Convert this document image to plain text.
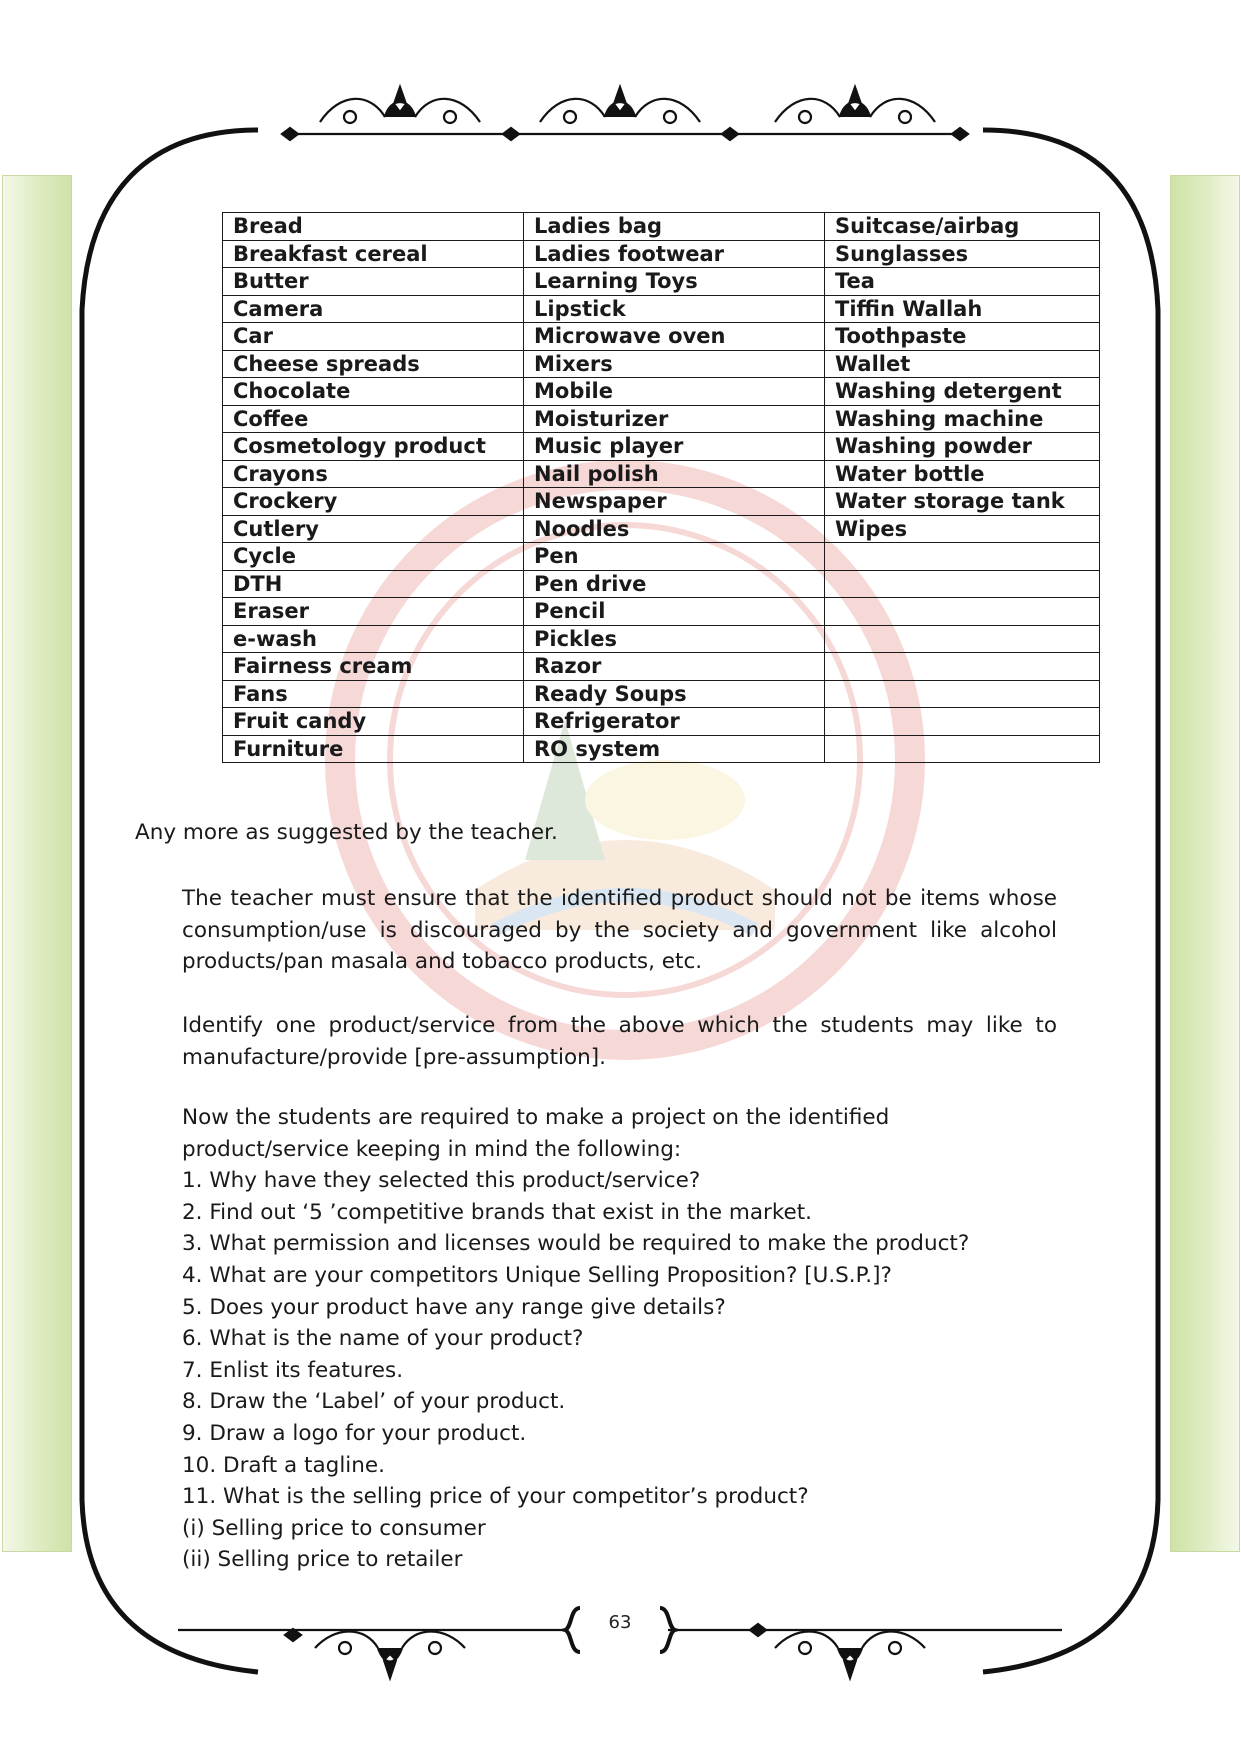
Bread	Ladies bag	Suitcase/airbag
Breakfast cereal	Ladies footwear	Sunglasses
Butter	Learning Toys	Tea
Camera	Lipstick	Tiffin Wallah
Car	Microwave oven	Toothpaste
Cheese spreads	Mixers	Wallet
Chocolate	Mobile	Washing detergent
Coffee	Moisturizer	Washing machine
Cosmetology product	Music player	Washing powder
Crayons	Nail polish	Water bottle
Crockery	Newspaper	Water storage tank
Cutlery	Noodles	Wipes
Cycle	Pen	
DTH	Pen drive	
Eraser	Pencil	
e-wash	Pickles	
Fairness cream	Razor	
Fans	Ready Soups	
Fruit candy	Refrigerator	
Furniture	RO system	
Any more as suggested by the teacher.
The teacher must ensure that the identified product should not be items whose consumption/use is discouraged by the society and government like alcohol products/pan masala and tobacco products, etc.
Identify one product/service from the above which the students may like to manufacture/provide [pre-assumption].
Now the students are required to make a project on the identified
product/service keeping in mind the following:
1. Why have they selected this product/service?
2. Find out ‘5 ’competitive brands that exist in the market.
3. What permission and licenses would be required to make the product?
4. What are your competitors Unique Selling Proposition? [U.S.P.]?
5. Does your product have any range give details?
6. What is the name of your product?
7. Enlist its features.
8. Draw the ‘Label’ of your product.
9. Draw a logo for your product.
10. Draft a tagline.
11. What is the selling price of your competitor’s product?
(i) Selling price to consumer
(ii) Selling price to retailer
63
